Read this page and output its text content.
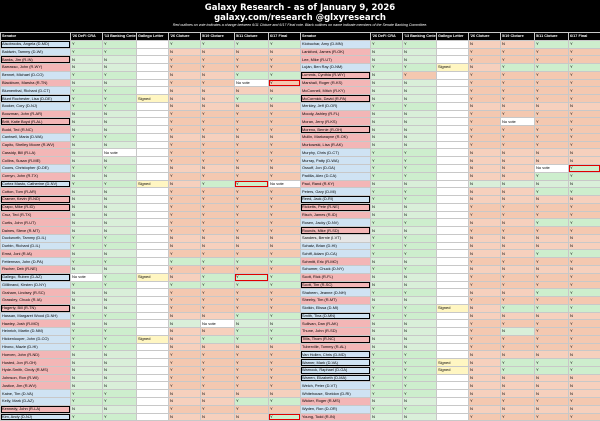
Galaxy Research - as of January 9, 2026
galaxy.com/research @glxyresearch
Red outlines on vote indicates a change between 6/11 Cloture and 6/17 Final vote. Black outlines on name indicate members of the Senate Banking Committee.
Senator	'26 DeFi CRA	'13 Banking Cmte	Gallego Letter	'26 Cloture	5/19 Cloture	5/11 Cloture	6/17 Final
Alsobrooks, Angela (D-MD)	Y	Y		Y	Y	Y	Y
Baldwin, Tammy (D-WI)	Y	Y		N	N	N	N
Banks, Jim (R-IN)	N	N		Y	Y	Y	Y
Barrasso, John (R-WY)	N	N		Y	Y	Y	Y
Bennet, Michael (D-CO)	Y	Y		N	N	Y	Y
Blackburn, Marsha (R-TN)	N	N		Y	Y	No vote	Y
Blumenthal, Richard (D-CT)	Y	Y		N	N	N	N
Blunt Rochester, Lisa (D-DE)	Y	Y	Signed	N	N	Y	Y
Booker, Cory (D-NJ)	Y	Y		N	N	N	N
Boozman, John (R-AR)	N	N		Y	Y	Y	Y
Britt, Katie Boyd (R-AL)	N	N		Y	Y	Y	Y
Budd, Ted (R-NC)	N	N		Y	Y	Y	Y
Cantwell, Maria (D-WA)	Y	Y		N	N	N	N
Capito, Shelley Moore (R-WV)	N	N		Y	Y	Y	Y
Cassidy, Bill (R-LA)	N	No vote		Y	Y	Y	Y
Collins, Susan (R-ME)	N	N		Y	Y	Y	Y
Coons, Christopher (D-DE)	Y	Y		N	N	N	N
Cornyn, John (R-TX)	N	N		Y	Y	Y	Y
Cortez Masto, Catherine (D-NV)	Y	Y	Signed	N	Y	Y	No vote
Cotton, Tom (R-AR)	N	N		Y	Y	Y	Y
Cramer, Kevin (R-ND)	N	N		Y	Y	Y	Y
Crapo, Mike (R-ID)	N	N		Y	Y	Y	Y
Cruz, Ted (R-TX)	N	N		Y	Y	Y	Y
Curtis, John (R-UT)	N	N		Y	Y	Y	Y
Daines, Steve (R-MT)	N	N		Y	Y	Y	Y
Duckworth, Tammy (D-IL)	Y	Y		N	N	N	N
Durbin, Richard (D-IL)	Y	Y		N	N	N	N
Ernst, Joni (R-IA)	N	N		Y	Y	Y	Y
Fetterman, John (D-PA)	Y	Y		Y	Y	Y	Y
Fischer, Deb (R-NE)	N	N		Y	Y	Y	Y
Gallego, Ruben (D-AZ)	No vote	Y	Signed	N	Y	Y	Y
Gillibrand, Kirsten (D-NY)	Y	Y		Y	Y	Y	Y
Graham, Lindsey (R-SC)	N	N		Y	Y	Y	Y
Grassley, Chuck (R-IA)	N	N		Y	Y	Y	Y
Hagerty, Bill (R-TN)	N	N		Y	Y	Y	Y
Hassan, Margaret Wood (D-NH)	Y	Y		N	N	Y	Y
Hawley, Josh (R-MO)	N	N		N	No vote	N	N
Heinrich, Martin (D-NM)	Y	Y		N	N	Y	Y
Hickenlooper, John (D-CO)	Y	Y	Signed	N	Y	Y	Y
Hirono, Mazie (D-HI)	Y	Y		N	N	N	N
Hoeven, John (R-ND)	N	N		Y	Y	Y	Y
Husted, Jon (R-OH)	N	N		Y	Y	Y	Y
Hyde-Smith, Cindy (R-MS)	N	N		Y	Y	Y	Y
Johnson, Ron (R-WI)	N	N		Y	Y	Y	Y
Justice, Jim (R-WV)	N	N		Y	Y	Y	Y
Kaine, Tim (D-VA)	Y	Y		N	N	N	N
Kelly, Mark (D-AZ)	Y	Y		N	N	Y	Y
Kennedy, John (R-LA)	N	N		Y	Y	Y	Y
Kim, Andy (D-NJ)	Y	Y		N	N	N	Y
Senator	'26 DeFi CRA	'13 Banking Cmte	Gallego Letter	'26 Cloture	5/19 Cloture	5/11 Cloture	6/17 Final
Klobuchar, Amy (D-MN)	Y	Y		N	N	Y	Y
Lankford, James (R-OK)	N	N		Y	Y	Y	Y
Lee, Mike (R-UT)	N	N		Y	Y	Y	Y
Luján, Ben Ray (D-NM)	Y	Y	Signed	N	Y	Y	Y
Lummis, Cynthia (R-WY)	N	Y		Y	Y	Y	Y
Marshall, Roger (R-KS)	N	N		Y	Y	Y	Y
McConnell, Mitch (R-KY)	N	N		Y	Y	Y	Y
McCormick, David (R-PA)	N	N		Y	Y	Y	Y
Merkley, Jeff (D-OR)	Y	Y		N	N	N	N
Moody, Ashley (R-FL)	N	N		Y	Y	Y	Y
Moran, Jerry (R-KS)	N	N		Y	No vote	Y	Y
Moreno, Bernie (R-OH)	N	N		Y	Y	Y	Y
Mullin, Markwayne (R-OK)	N	N		Y	Y	Y	Y
Murkowski, Lisa (R-AK)	N	N		Y	Y	Y	Y
Murphy, Chris (D-CT)	Y	Y		N	N	N	N
Murray, Patty (D-WA)	Y	Y		N	N	N	N
Ossoff, Jon (D-GA)	Y	Y		N	N	No vote	Y
Padilla, Alex (D-CA)	Y	Y		N	N	Y	Y
Paul, Rand (R-KY)	N	N		N	N	N	N
Peters, Gary (D-MI)	Y	Y		N	N	Y	Y
Reed, Jack (D-RI)	Y	Y		N	N	N	N
Ricketts, Pete (R-NE)	N	N		Y	Y	Y	Y
Risch, James (R-ID)	N	N		Y	Y	Y	Y
Rosen, Jacky (D-NV)	Y	Y		N	N	Y	Y
Rounds, Mike (R-SD)	N	N		Y	Y	Y	Y
Sanders, Bernie (I-VT)	Y	Y		N	N	N	N
Schatz, Brian (D-HI)	Y	Y		N	N	N	N
Schiff, Adam (D-CA)	Y	Y		N	N	Y	Y
Schmitt, Eric (R-MO)	N	N		Y	Y	Y	Y
Schumer, Chuck (D-NY)	Y	Y		N	N	N	N
Scott, Rick (R-FL)	N	N		Y	Y	Y	Y
Scott, Tim (R-SC)	N	N		Y	Y	Y	Y
Shaheen, Jeanne (D-NH)	Y	Y		N	N	Y	Y
Sheehy, Tim (R-MT)	N	N		Y	Y	Y	Y
Slotkin, Elissa (D-MI)	Y	Y	Signed	N	Y	Y	Y
Smith, Tina (D-MN)	Y	Y		N	N	N	N
Sullivan, Dan (R-AK)	N	N		Y	Y	Y	Y
Thune, John (R-SD)	N	N		Y	N	Y	Y
Tillis, Thom (R-NC)	N	N		Y	Y	Y	Y
Tuberville, Tommy (R-AL)	N	N		Y	Y	Y	Y
Van Hollen, Chris (D-MD)	Y	Y		N	N	N	N
Warner, Mark (D-VA)	Y	Y	Signed	N	Y	Y	Y
Warnock, Raphael (D-GA)	Y	Y	Signed	N	Y	Y	Y
Warren, Elizabeth (D-MA)	Y	Y		N	N	N	N
Welch, Peter (D-VT)	Y	Y		N	N	N	N
Whitehouse, Sheldon (D-RI)	Y	Y		N	N	N	N
Wicker, Roger (R-MS)	N	N		Y	Y	Y	Y
Wyden, Ron (D-OR)	Y	Y		N	N	N	N
Young, Todd (R-IN)	N	N		Y	Y	Y	Y
